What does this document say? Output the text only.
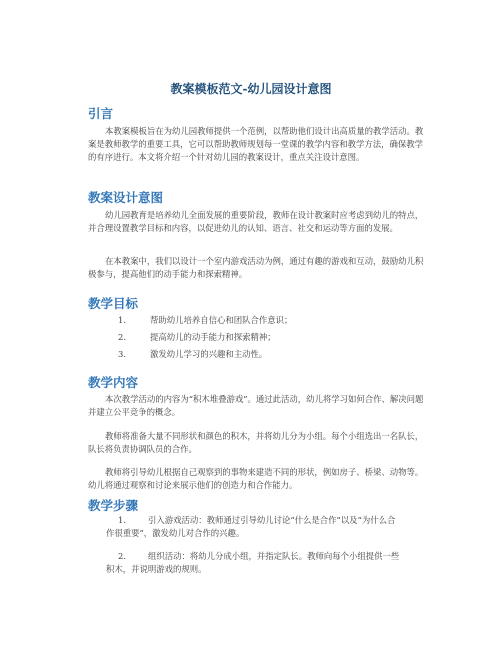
教案模板范文-幼儿园设计意图
引言

本教案模板旨在为幼儿园教师提供一个范例，以帮助他们设计出高质量的教学活动。教案是教师教学的重要工具，它可以帮助教师规划每一堂课的教学内容和教学方法，确保教学的有序进行。本文将介绍一个针对幼儿园的教案设计，重点关注设计意图。

教案设计意图

幼儿园教育是培养幼儿全面发展的重要阶段，教师在设计教案时应考虑到幼儿的特点，并合理设置教学目标和内容，以促进幼儿的认知、语言、社交和运动等方面的发展。

在本教案中，我们以设计一个室内游戏活动为例，通过有趣的游戏和互动，鼓励幼儿积极参与，提高他们的动手能力和探索精神。

教学目标
1.	帮助幼儿培养自信心和团队合作意识；
2.	提高幼儿的动手能力和探索精神；
3.	激发幼儿学习的兴趣和主动性。
教学内容

本次教学活动的内容为“积木堆叠游戏”。通过此活动，幼儿将学习如何合作、解决问题并建立公平竞争的概念。

教师将准备大量不同形状和颜色的积木，并将幼儿分为小组。每个小组选出一名队长，队长将负责协调队员的合作。

教师将引导幼儿根据自己观察到的事物来建造不同的形状，例如房子、桥梁、动物等。幼儿将通过观察和讨论来展示他们的创造力和合作能力。

教学步骤
1.	引入游戏活动：教师通过引导幼儿讨论“什么是合作”以及“为什么合
作很重要”，激发幼儿对合作的兴趣。
2.	组织活动：将幼儿分成小组，并指定队长。教师向每个小组提供一些
积木，并说明游戏的规则。
